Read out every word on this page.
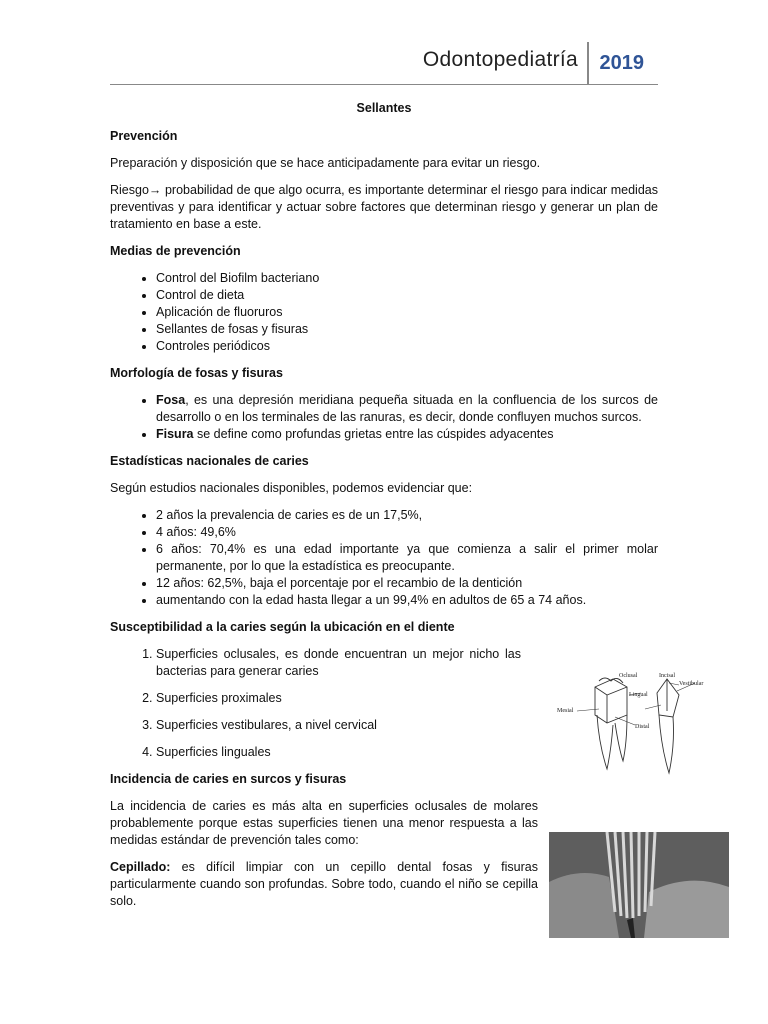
Odontopediatría 2019
Sellantes
Prevención

Preparación y disposición que se hace anticipadamente para evitar un riesgo.

Riesgo→ probabilidad de que algo ocurra, es importante determinar el riesgo para indicar medidas preventivas y para identificar y actuar sobre factores que determinan riesgo y generar un plan de tratamiento en base a este.

Medias de prevención
• Control del Biofilm bacteriano
• Control de dieta
• Aplicación de fluoruros
• Sellantes de fosas y fisuras
• Controles periódicos
Morfología de fosas y fisuras
• Fosa, es una depresión meridiana pequeña situada en la confluencia de los surcos de desarrollo o en los terminales de las ranuras, es decir, donde confluyen muchos surcos.
• Fisura se define como profundas grietas entre las cúspides adyacentes
Estadísticas nacionales de caries

Según estudios nacionales disponibles, podemos evidenciar que:

• 2 años la prevalencia de caries es de un 17,5%,
• 4 años: 49,6%
• 6 años: 70,4% es una edad importante ya que comienza a salir el primer molar permanente, por lo que la estadística es preocupante.
• 12 años: 62,5%, baja el porcentaje por el recambio de la dentición
• aumentando con la edad hasta llegar a un 99,4% en adultos de 65 a 74 años.
Susceptibilidad a la caries según la ubicación en el diente
1. Superficies oclusales, es donde encuentran un mejor nicho las bacterias para generar caries
2. Superficies proximales
3. Superficies vestibulares, a nivel cervical
4. Superficies linguales
Incidencia de caries en surcos y fisuras

La incidencia de caries es más alta en superficies oclusales de molares probablemente porque estas superficies tienen una menor respuesta a las medidas estándar de prevención tales como:

Cepillado: es difícil limpiar con un cepillo dental fosas y fisuras particularmente cuando son profundas. Sobre todo, cuando el niño se cepilla solo.

Oclusal
Lingual
Mesial
Distal
Incisal
Vestibular
